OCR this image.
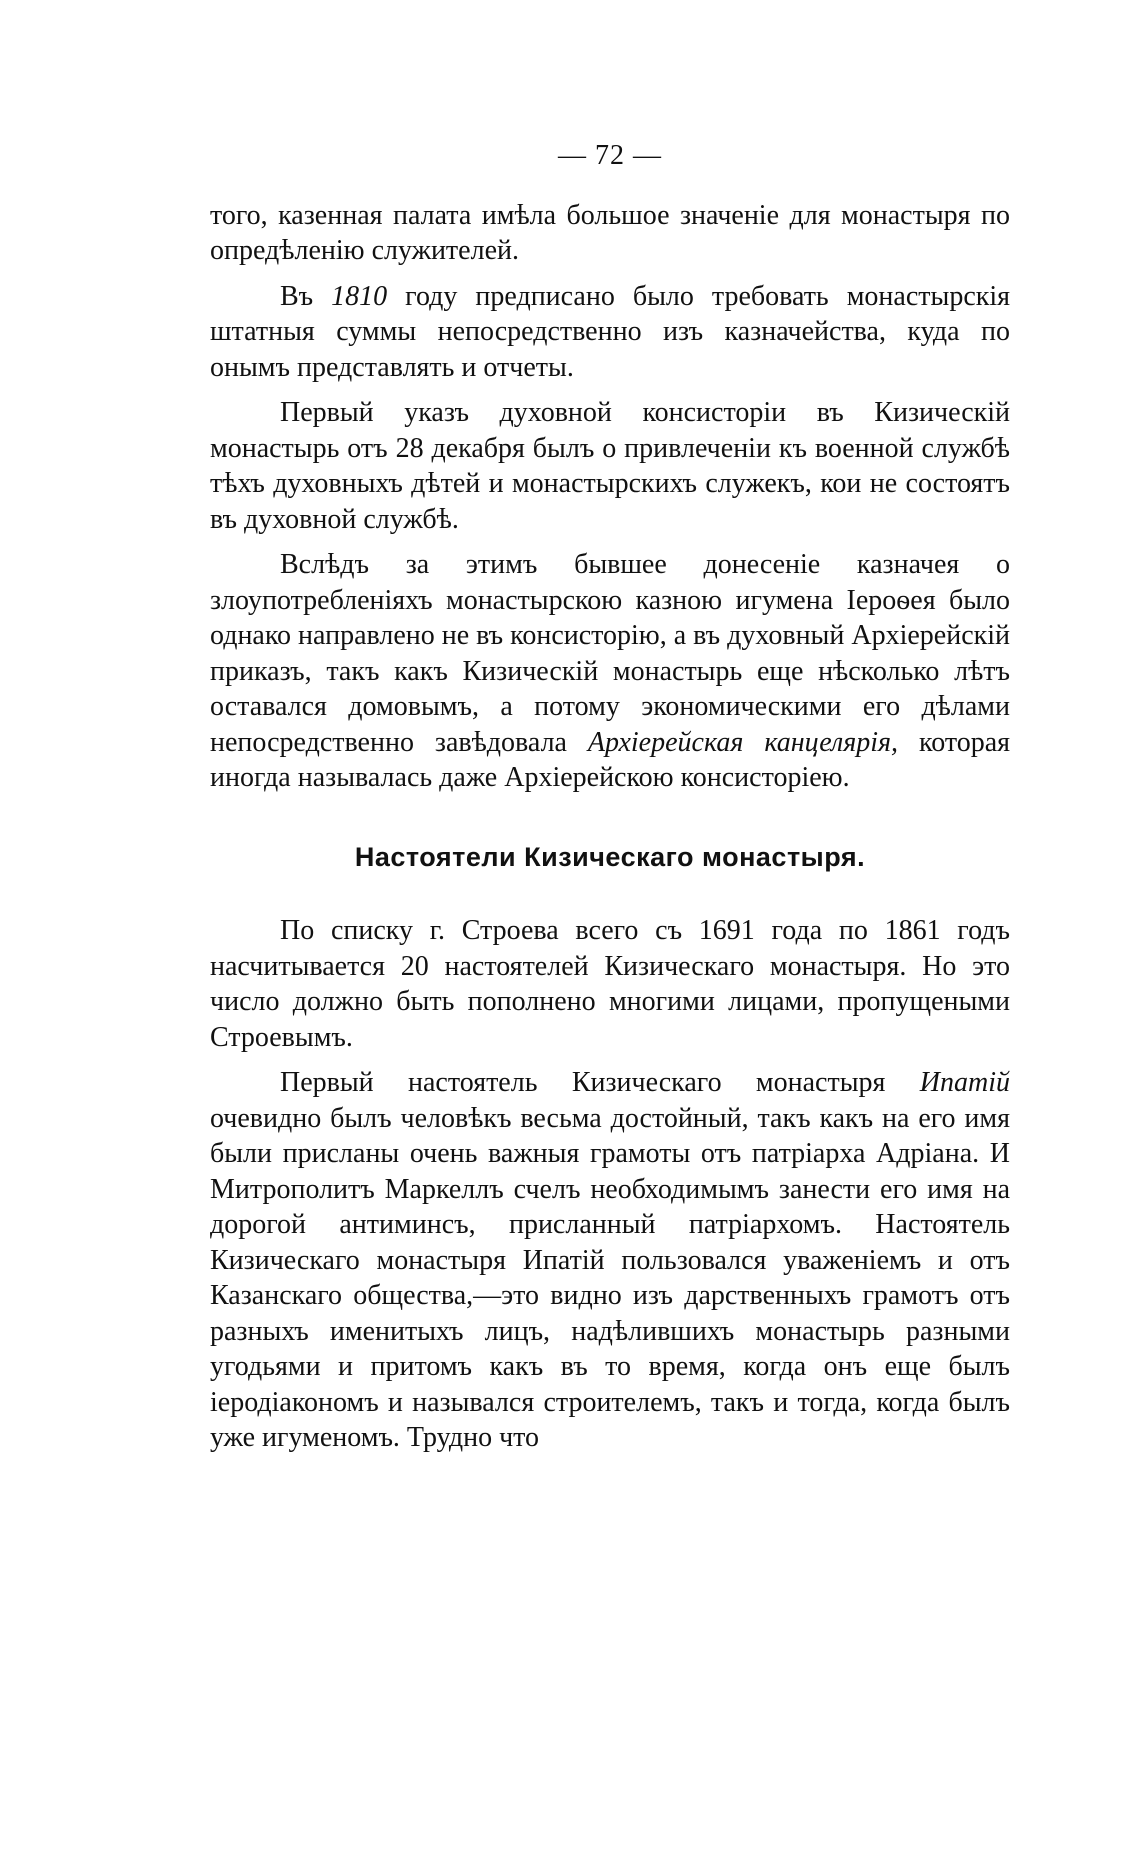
— 72 —

того, казенная палата имѣла большое значенiе для монастыря по опредѣленiю служителей.

Въ 1810 году предписано было требовать монастырскiя штатныя суммы непосредственно изъ казначейства, куда по онымъ представлять и отчеты.

Первый указъ духовной консисторiи въ Кизическiй монастырь отъ 28 декабря былъ о привлеченiи къ военной службѣ тѣхъ духовныхъ дѣтей и монастырскихъ служекъ, кои не состоятъ въ духовной службѣ.

Вслѣдъ за этимъ бывшее донесенiе казначея о злоупотребленiяхъ монастырскою казною игумена Iероѳея было однако направлено не въ консисторiю, а въ духовный Архiерейскiй приказъ, такъ какъ Кизическiй монастырь еще нѣсколько лѣтъ оставался домовымъ, а потому экономическими его дѣлами непосредственно завѣдовала Архiерейская канцелярiя, которая иногда называлась даже Архiерейскою консисторiею.

Настоятели Кизическаго монастыря.

По списку г. Строева всего съ 1691 года по 1861 годъ насчитывается 20 настоятелей Кизическаго монастыря. Но это число должно быть пополнено многими лицами, пропущеными Строевымъ.

Первый настоятель Кизическаго монастыря Ипатiй очевидно былъ человѣкъ весьма достойный, такъ какъ на его имя были присланы очень важныя грамоты отъ патрiарха Адрiана. И Митрополитъ Маркеллъ счелъ необходимымъ занести его имя на дорогой антиминсъ, присланный патрiархомъ. Настоятель Кизическаго монастыря Ипатiй пользовался уваженiемъ и отъ Казанскаго общества,—это видно изъ дарственныхъ грамотъ отъ разныхъ именитыхъ лицъ, надѣлившихъ монастырь разными угодьями и притомъ какъ въ то время, когда онъ еще былъ iеродiакономъ и назывался строителемъ, такъ и тогда, когда былъ уже игуменомъ. Трудно что
